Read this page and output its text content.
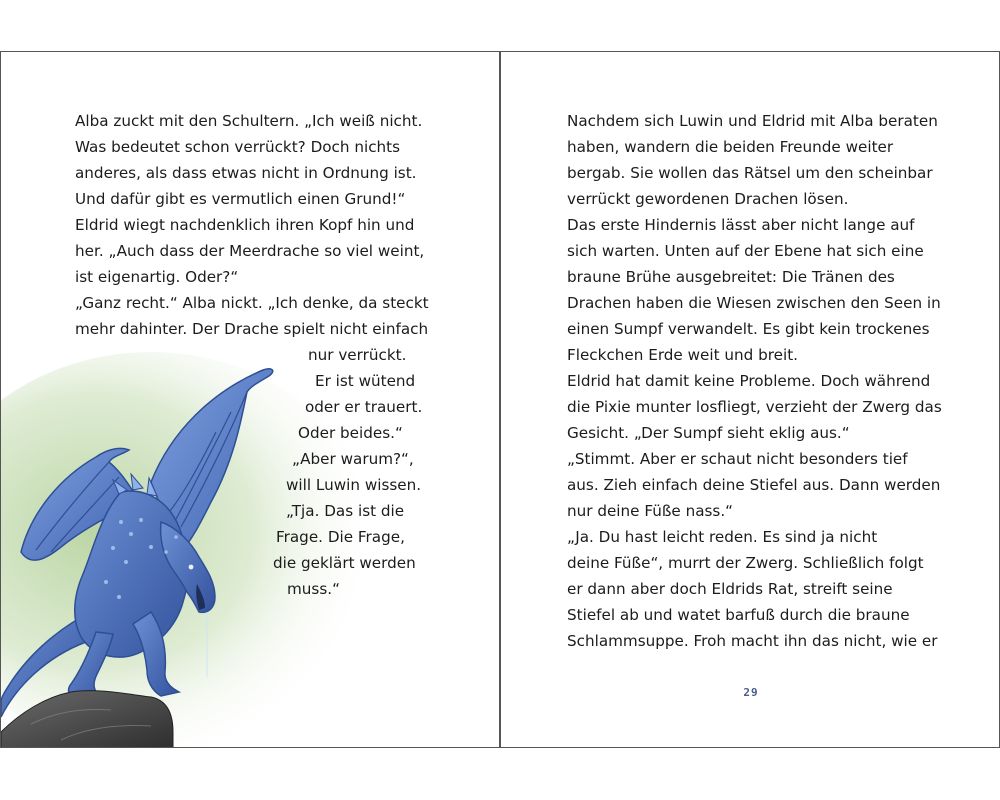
Alba zuckt mit den Schultern. „Ich weiß nicht.
Was bedeutet schon verrückt? Doch nichts
anderes, als dass etwas nicht in Ordnung ist.
Und dafür gibt es vermutlich einen Grund!“
Eldrid wiegt nachdenklich ihren Kopf hin und
her. „Auch dass der Meerdrache so viel weint,
ist eigenartig. Oder?“
„Ganz recht.“ Alba nickt. „Ich denke, da steckt
mehr dahinter. Der Drache spielt nicht einfach
nur verrückt.
Er ist wütend
oder er trauert.
Oder beides.“
„Aber warum?“,
will Luwin wissen.
„Tja. Das ist die
Frage. Die Frage,
die geklärt werden
muss.“
Nachdem sich Luwin und Eldrid mit Alba beraten
haben, wandern die beiden Freunde weiter
bergab. Sie wollen das Rätsel um den scheinbar
verrückt gewordenen Drachen lösen.
Das erste Hindernis lässt aber nicht lange auf
sich warten. Unten auf der Ebene hat sich eine
braune Brühe ausgebreitet: Die Tränen des
Drachen haben die Wiesen zwischen den Seen in
einen Sumpf verwandelt. Es gibt kein trockenes
Fleckchen Erde weit und breit.
Eldrid hat damit keine Probleme. Doch während
die Pixie munter losfliegt, verzieht der Zwerg das
Gesicht. „Der Sumpf sieht eklig aus.“
„Stimmt. Aber er schaut nicht besonders tief
aus. Zieh einfach deine Stiefel aus. Dann werden
nur deine Füße nass.“
„Ja. Du hast leicht reden. Es sind ja nicht
deine Füße“, murrt der Zwerg. Schließlich folgt
er dann aber doch Eldrids Rat, streift seine
Stiefel ab und watet barfuß durch die braune
Schlammsuppe. Froh macht ihn das nicht, wie er
29
